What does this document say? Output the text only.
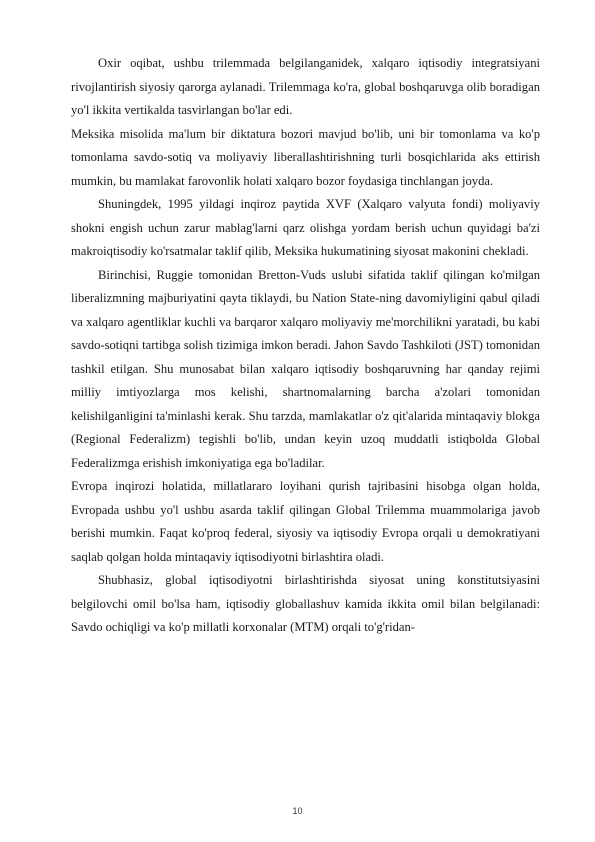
Oxir oqibat, ushbu trilemmada belgilanganidek, xalqaro iqtisodiy integratsiyani rivojlantirish siyosiy qarorga aylanadi. Trilemmaga ko'ra, global boshqaruvga olib boradigan yo'l ikkita vertikalda tasvirlangan bo'lar edi.

Meksika misolida ma'lum bir diktatura bozori mavjud bo'lib, uni bir tomonlama va ko'p tomonlama savdo-sotiq va moliyaviy liberallashtirishning turli bosqichlarida aks ettirish mumkin, bu mamlakat farovonlik holati xalqaro bozor foydasiga tinchlangan joyda.

Shuningdek, 1995 yildagi inqiroz paytida XVF (Xalqaro valyuta fondi) moliyaviy shokni engish uchun zarur mablag'larni qarz olishga yordam berish uchun quyidagi ba'zi makroiqtisodiy ko'rsatmalar taklif qilib, Meksika hukumatining siyosat makonini chekladi.

Birinchisi, Ruggie tomonidan Bretton-Vuds uslubi sifatida taklif qilingan ko'milgan liberalizmning majburiyatini qayta tiklaydi, bu Nation State-ning davomiyligini qabul qiladi va xalqaro agentliklar kuchli va barqaror xalqaro moliyaviy me'morchilikni yaratadi, bu kabi savdo-sotiqni tartibga solish tizimiga imkon beradi. Jahon Savdo Tashkiloti (JST) tomonidan tashkil etilgan. Shu munosabat bilan xalqaro iqtisodiy boshqaruvning har qanday rejimi milliy imtiyozlarga mos kelishi, shartnomalarning barcha a'zolari tomonidan kelishilganligini ta'minlashi kerak. Shu tarzda, mamlakatlar o'z qit'alarida mintaqaviy blokga (Regional Federalizm) tegishli bo'lib, undan keyin uzoq muddatli istiqbolda Global Federalizmga erishish imkoniyatiga ega bo'ladilar.

Evropa inqirozi holatida, millatlararo loyihani qurish tajribasini hisobga olgan holda, Evropada ushbu yo'l ushbu asarda taklif qilingan Global Trilemma muammolariga javob berishi mumkin. Faqat ko'proq federal, siyosiy va iqtisodiy Evropa orqali u demokratiyani saqlab qolgan holda mintaqaviy iqtisodiyotni birlashtira oladi.

Shubhasiz, global iqtisodiyotni birlashtirishda siyosat uning konstitutsiyasini belgilovchi omil bo'lsa ham, iqtisodiy globallashuv kamida ikkita omil bilan belgilanadi: Savdo ochiqligi va ko'p millatli korxonalar (MTM) orqali to'g'ridan-

10
